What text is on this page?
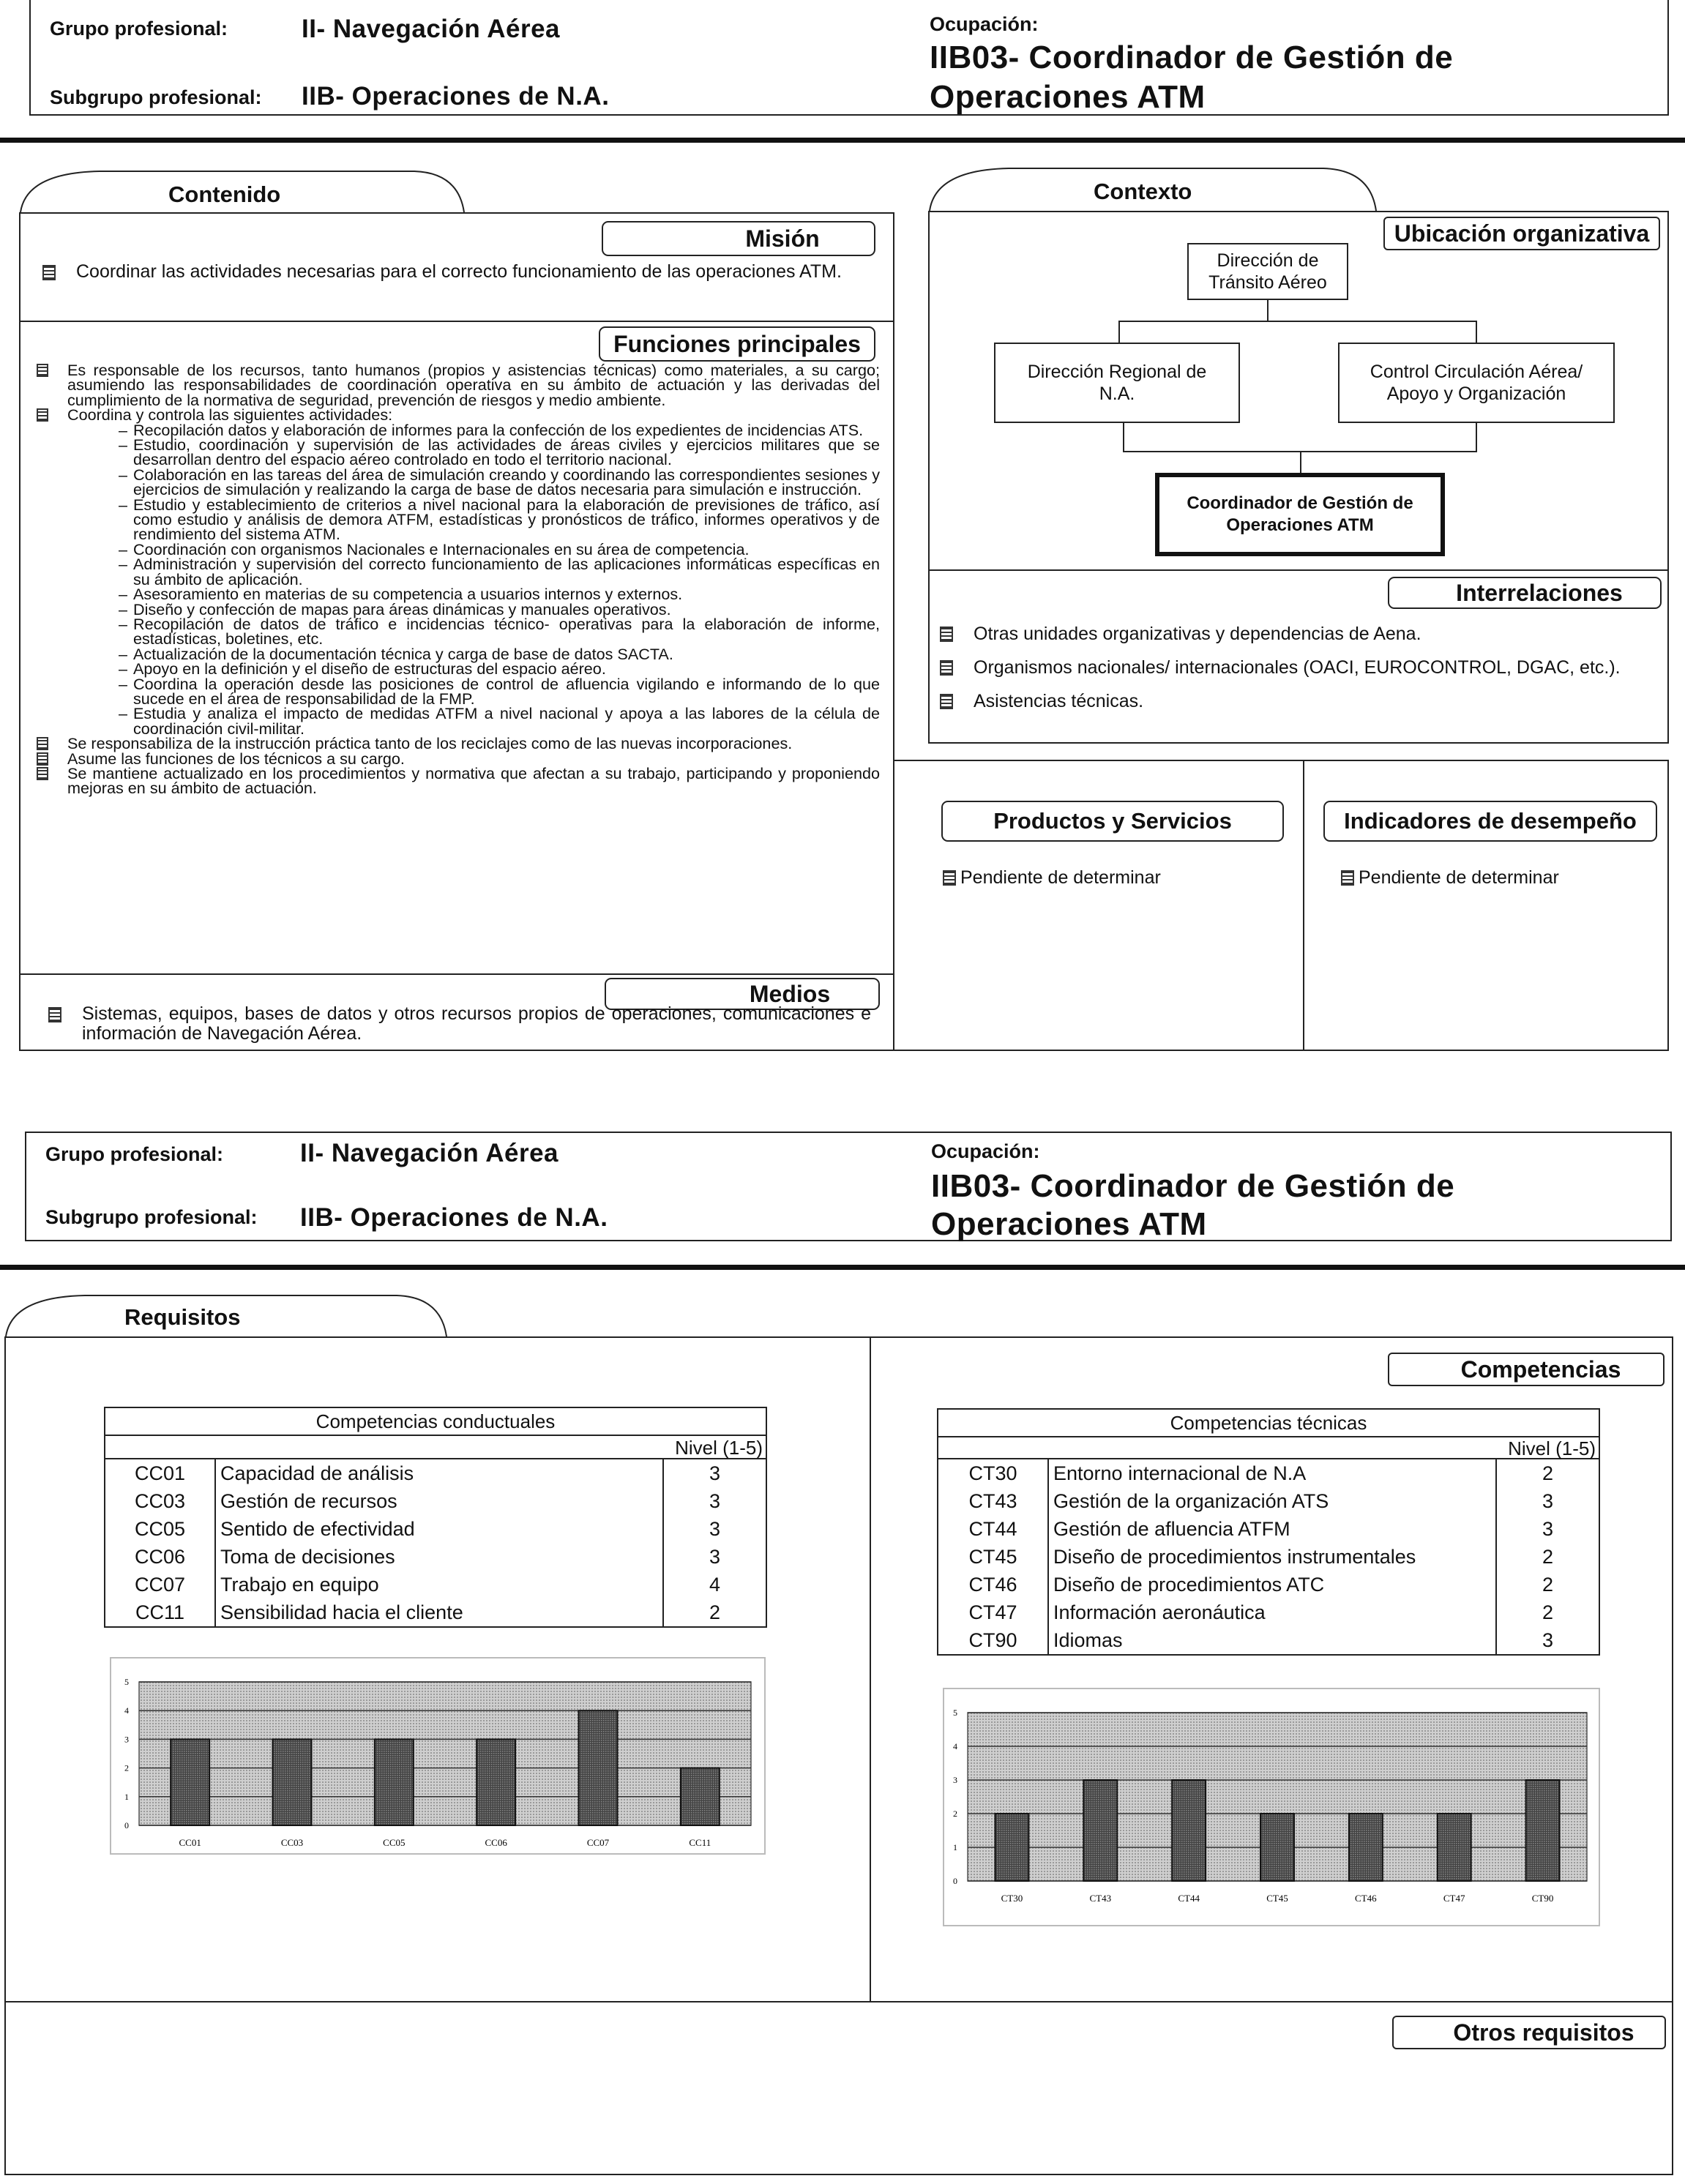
Grupo profesional:	II- Navegación Aérea
Subgrupo profesional: IIB- Operaciones de N.A.
Ocupación:
IIB03- Coordinador de Gestión de
Operaciones ATM
Contenido
Misión
Coordinar las actividades necesarias para el correcto funcionamiento de las operaciones ATM.
Funciones principales
Es responsable de los recursos, tanto humanos (propios y asistencias técnicas) como materiales, a su cargo; asumiendo las responsabilidades de coordinación operativa en su ámbito de actuación y las derivadas del cumplimiento de la normativa de seguridad, prevención de riesgos y medio ambiente.
Coordina y controla las siguientes actividades:
– Recopilación datos y elaboración de informes para la confección de los expedientes de incidencias ATS.
– Estudio, coordinación y supervisión de las actividades de áreas civiles y ejercicios militares que se desarrollan dentro del espacio aéreo controlado en todo el territorio nacional.
– Colaboración en las tareas del área de simulación creando y coordinando las correspondientes sesiones y ejercicios de simulación y realizando la carga de base de datos necesaria para simulación e instrucción.
– Estudio y establecimiento de criterios a nivel nacional para la elaboración de previsiones de tráfico, así como estudio y análisis de demora ATFM, estadísticas y pronósticos de tráfico, informes operativos y de rendimiento del sistema ATM.
– Coordinación con organismos Nacionales e Internacionales en su área de competencia.
– Administración y supervisión del correcto funcionamiento de las aplicaciones informáticas específicas en su ámbito de aplicación.
– Asesoramiento en materias de su competencia a usuarios internos y externos.
– Diseño y confección de mapas para áreas dinámicas y manuales operativos.
– Recopilación de datos de tráfico e incidencias técnico- operativas para la elaboración de informe, estadísticas, boletines, etc.
– Actualización de la documentación técnica y carga de base de datos SACTA.
– Apoyo en la definición y el diseño de estructuras del espacio aéreo.
– Coordina la operación desde las posiciones de control de afluencia vigilando e informando de lo que sucede en el área de responsabilidad de la FMP.
– Estudia y analiza el impacto de medidas ATFM a nivel nacional y apoya a las labores de la célula de coordinación civil-militar.
Se responsabiliza de la instrucción práctica tanto de los reciclajes como de las nuevas incorporaciones.
Asume las funciones de los técnicos a su cargo.
Se mantiene actualizado en los procedimientos y normativa que afectan a su trabajo, participando y proponiendo mejoras en su ámbito de actuación.
Medios
Sistemas, equipos, bases de datos y otros recursos propios de operaciones, comunicaciones e información de Navegación Aérea.
Contexto
Ubicación organizativa
Dirección de Tránsito Aéreo
Dirección Regional de N.A.
Control Circulación Aérea/ Apoyo y Organización
Coordinador de Gestión de Operaciones ATM
Interrelaciones
Otras unidades organizativas y dependencias de Aena.
Organismos nacionales/ internacionales (OACI, EUROCONTROL, DGAC, etc.).
Asistencias técnicas.
Productos y Servicios	Indicadores de desempeño
Pendiente de determinar	Pendiente de determinar
Grupo profesional:	II- Navegación Aérea
Subgrupo profesional: IIB- Operaciones de N.A.
Ocupación:
IIB03- Coordinador de Gestión de
Operaciones ATM
Requisitos
Competencias
Otros requisitos
Competencias conductuales
Nivel (1-5)
CC01	Capacidad de análisis	3
CC03	Gestión de recursos	3
CC05	Sentido de efectividad	3
CC06	Toma de decisiones	3
CC07	Trabajo en equipo	4
CC11	Sensibilidad hacia el cliente	2
Competencias técnicas
Nivel (1-5)
CT30	Entorno internacional de N.A	2
CT43	Gestión de la organización ATS	3
CT44	Gestión de afluencia ATFM	3
CT45	Diseño de procedimientos instrumentales	2
CT46	Diseño de procedimientos ATC	2
CT47	Información aeronáutica	2
CT90	Idiomas	3
0
1
2
3
4
5
CC01	CC03	CC05	CC06	CC07	CC11
0
1
2
3
4
5
CT30	CT43	CT44	CT45	CT46	CT47	CT90
